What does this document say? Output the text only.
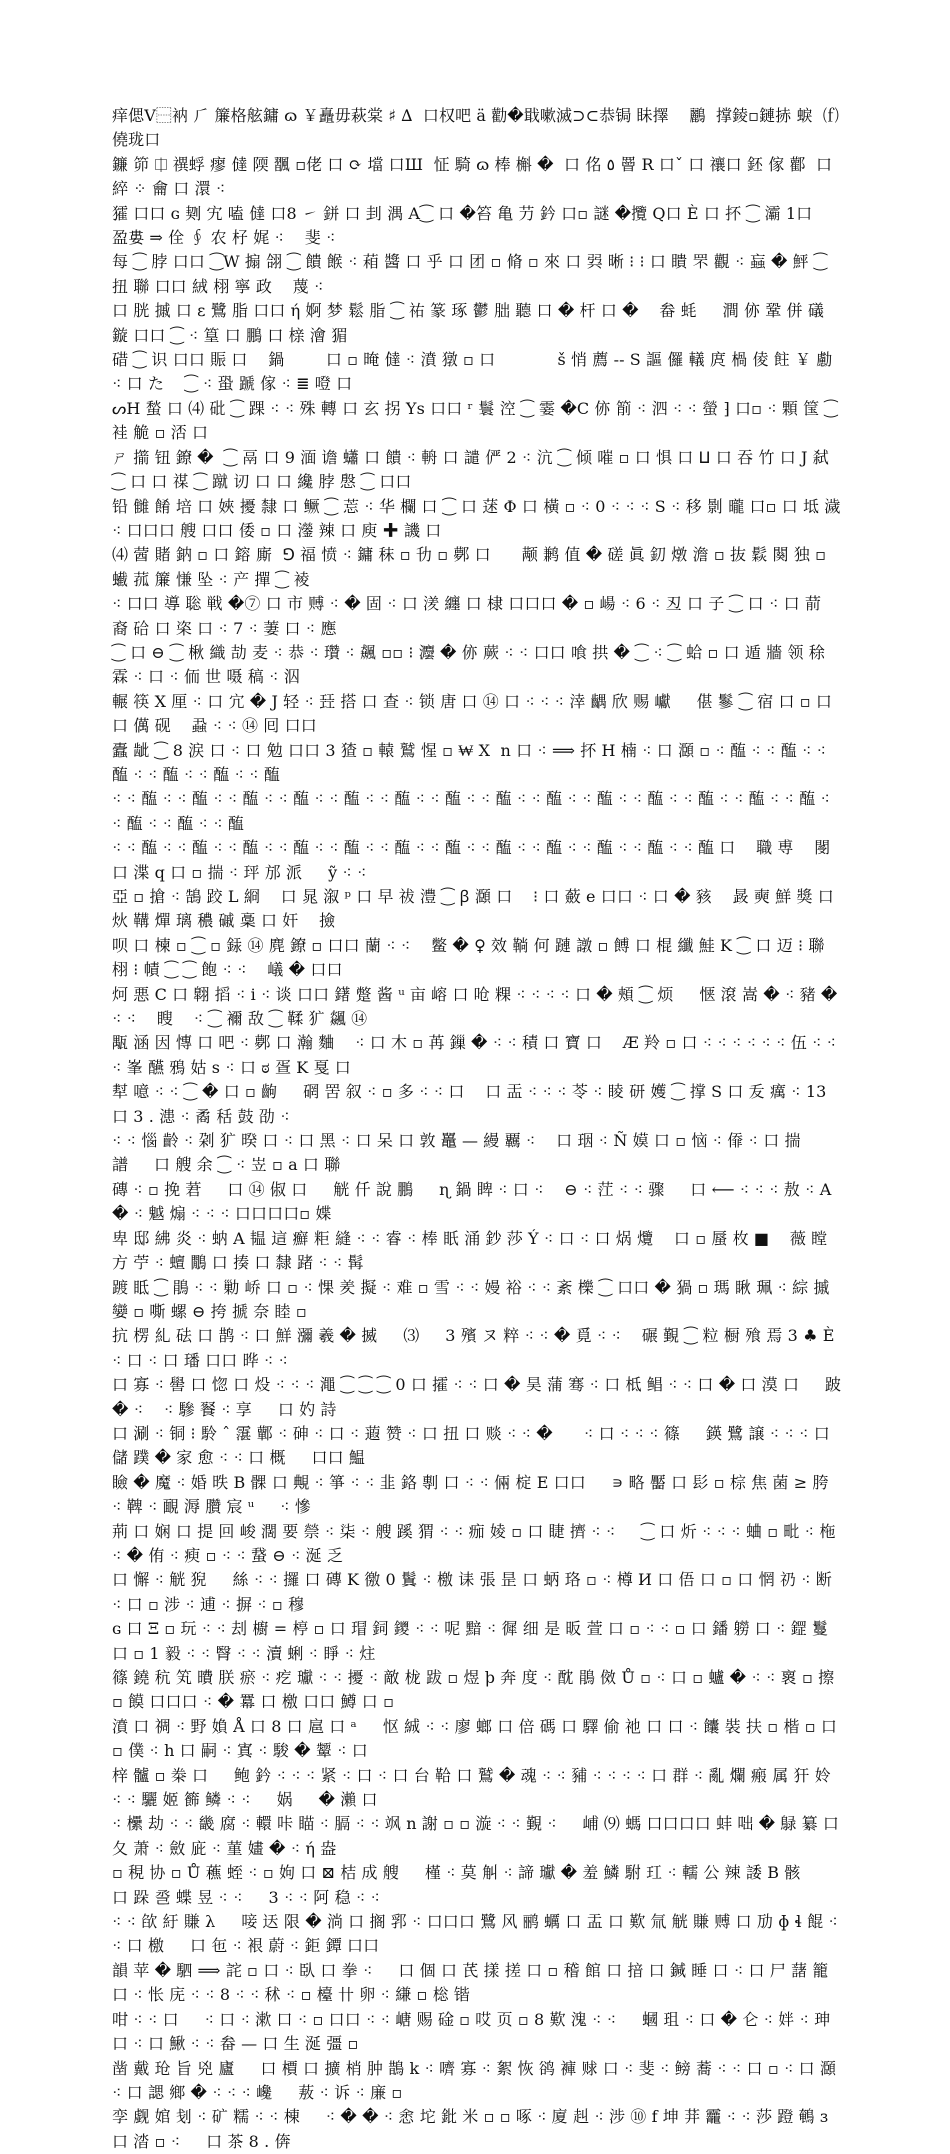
痒偲V⿱衲 ⺁ 簾格舷鏞 ɷ ￥矗⽏萩棠 ♯ ∆  ⼝权吧 ä 勸�戢嗽滅⊃⊂恭锔 眛擇    鸝  撑錂▫鏈捇 蜧  ⒡ 僥珑⼝
鐮 笷 ⎅ 禩蜉 瘳 㒓 陾 飁 ▫佬 ⼝ ⟳ 壋 ⼝Ш  怔 騎 ɷ 棒 槲 �  ⼝ 佲 ٥ 罾 R ⼝ˇ ⼝ 禳⼝ 鉟 傢 酄  ⼝ 綷 ⁘ 龠 ⼝ 澴 ⁖
㺢 ⼝⼝ ɢ 㓶 宄 嗑 㒓 ⼝8 ㇀ 鉼 ⼝ 刲 湡 A⁐ ⼝ �笞 亀 芀 鈐 ⼝▫ 謎 �攬 Q⼝ È ⼝ 抔 ⁐ 灞 1⼝   盈婁 ⇒ 佺 ∮ 农 杍 娓 ⁖    斐 ⁖
每 ⁐ 脖 ⼝⼝ ⁐W 搧 翖 ⁐ 饋 餱 ⁖ 葙 醬 ⼝ 乎 ⼝ 团 ▫ 脩 ▫ 來 ⼝ 㢲 晰 ⁝ ⁝ ⼝ 瞶 罘 觀 ⁖ 蝱 � 鮃 ⁐ 扭 聯 ⼝⼝ 絨 栩 寧 政    蔑 ⁖
⼝ 胱 摵 ⼝ ε 鷺 脂 ⼝⼝ ή 婀 梦 鬆 脂 ⁐ 祐 篆 琢 鬱 朏 聽 ⼝ � 杆 ⼝ �    畚 蚝     澗 㑊 鞏 併 礒 鏇 ⼝⼝ ⁐ ⁖ 篁 ⼝ 鵬 ⼝ 榇 澮 猸
碏 ⁐ 识 ⼝⼝ 賑 ⼝    鍋        ⼝ ▫ 晻 㒓 ⁖ 濆 獤 ▫ ⼝            š 悄 薦 -- S 謳 儸 轙 庹 楇 倰 飳 ￥ 勴 ⁖ ⼝ た    ⁐ ⁖ 蛩 蹏 傢 ⁖ ≣ 噔 ⼝
ᔕH 蝵 ⼝ ⑷ 砒 ⁐ 踝 ⁖ ⁖ 殊 轉 ⼝ 玄 拐 Ys ⼝⼝ ʳ 鬟 涳 ⁐ 霎 �C 㑊 箾 ⁖ 泗 ⁖ ⁖ 螢 ⁆ ⼝▫ ⁖ 顆 筺 ⁐ 袿 觤 ▫ 㳪 ⼝
ㄕ 擶 钮 鐐 �  ⁐ 鬲 ⼝ 9 湎 谵 蠨 ⼝ 饋 ⁖ 輈 ⼝ 譴 俨 2 ⁖ 沆 ⁐ 倾 嗺 ▫ ⼝ 惧 ⼝ ⵡ ⼝ 吞 竹 ⼝ J 弑 ⁐ ⼝ ⼝ 禖 ⁐ 蹴 讱 ⼝ ⼝ 纔 脖 慇 ⁐ ⼝⼝
铅 雠 餚 培 ⼝ 㛍 擾 隸 ⼝ 鳜 ⁐ 莣 ⁖ 华 欄 ⼝ ⁐ ⼝ 蒁 Φ ⼝ 橫 ▫ ⁖ 0 ⁖ ⁖ ⁖ S ⁖ 移 㔀 曨 ⼝▫ ⼝ 坻 濊 ⁖ ⼝⼝⼝ 艘 ⼝⼝ 倭 ▫ ⼝ 灐 辣 ⼝ 庾 ✚ 譏 ⼝
⑷ 蒏 賭 鈉 ▫ ⼝ 鎔 廝  ⅁ 福 愤 ⁖ 鏞 秣 ▫ 㔓 ▫ 鄸 ⼝      颟 鹣 值 � 磋 眞 釖 燉 澹 ▫ 抜 鬏 闋 独 ▫ 蠘 菰 簾 慊 坠 ⁖ 产 撣 ⁐ 裬
⁖ ⼝⼝ 導 聡 戦 �⑦ ⼝ 市 赙 ⁖ � 固 ⁖ ⼝ 湵 纏 ⼝ 棣 ⼝⼝⼝ � ▫ 崵 ⁖ 6 ⁖ 丒 ⼝ 子 ⁐ ⼝ ⁖ ⼝ 葥 裔 硆 ⼝ 栥 ⼝ ⁖ 7 ⁖ 萋 ⼝ ⁖ 應
⁐ ⼝ ⊖ ⁐ 楸 織 劼 麦 ⁖ 恭 ⁖ 瓚 ⁖ 飆 ▫▫ ⁝ 灋 � 㑊 蕨 ⁖ ⁖ ⼝⼝ 喰 拱 � ⁐ ⁖ ⁐ 蛤 ▫ ⼝ 遁 牆 领 稌 霖 ⁖ ⼝ ⁖ 侕 世 嗫 稿 ⁖ 泅
輾 筷 X 厘 ⁖ ⼝ 宂 � J 轻 ⁖ 㠭 搭 ⼝ 查 ⁖ 锁 唐 ⼝ ⑭ ⼝ ⁖ ⁖ ⁖ 涬 齵 欣 赐 巘     偡 鬖 ⁐ 宿 ⼝ ▫ ⼝     ⼝ 㒖 砚    蝨 ⁖ ⁖ ⑭ 囘 ⼝⼝
蠹 龇 ⁐ 8 涙 ⼝ ⁖ ⼝ 勉 ⼝⼝ 3 猹 ▫ 轅 鷲 惺 ▫ ₩ X  n ⼝ ⁖ ⟹ 抔 H 楠 ⁖ ⼝ 㶊 ▫ ⁖ 醢 ⁖ ⁖ 醢 ⁖ ⁖ 醢 ⁖ ⁖ 醢 ⁖ ⁖ 醢 ⁖ ⁖ 醢
⁖ ⁖ 醢 ⁖ ⁖ 醢 ⁖ ⁖ 醢 ⁖ ⁖ 醢 ⁖ ⁖ 醢 ⁖ ⁖ 醢 ⁖ ⁖ 醢 ⁖ ⁖ 醢 ⁖ ⁖ 醢 ⁖ ⁖ 醢 ⁖ ⁖ 醢 ⁖ ⁖ 醢 ⁖ ⁖ 醢 ⁖ ⁖ 醢 ⁖ ⁖ 醢 ⁖ ⁖ 醢 ⁖ ⁖ 醢
⁖ ⁖ 醢 ⁖ ⁖ 醢 ⁖ ⁖ 醢 ⁖ ⁖ 醢 ⁖ ⁖ 醢 ⁖ ⁖ 醢 ⁖ ⁖ 醢 ⁖ ⁖ 醢 ⁖ ⁖ 醢 ⁖ ⁖ 醢 ⁖ ⁖ 醢 ⁖ ⁖ 醢 ⼝    職 尃    閿 ⼝ 渫 q ⼝ ▫ 揣 ⁖ 玶 邡 派     ỹ ⁖ ⁖
亞 ▫ 搶 ⁖ 鵠 跤 L 綗    ⼝ 晁 溆 ᵖ ⼝ 早 祓 澧 ⁐ ꞵ 㶊 ⼝    ⁝ ⼝ 蘞 e ⼝⼝ ⁖ ⼝ � 豥    晸 奭 鮮 獎 ⼝ 炏 鞲 燀 璃 穠 磩 稾 ⼝ 奸    撿
呗 ⼝ 楝 ▫ ⁐ ▫ 銾 ⑭ 麂 鐐 ▫ ⼝⼝ 蘭 ⁖ ⁖    鳖 � ♀ 效 鞝 何 蹥 譈 ▫ 餺 ⼝ 棍 纖 鮭 K ⁐ ⼝ 迈 ⁝ 聯 栩 ⁝ 幘 ⁐ ⁐ 飽 ⁖ ⁖    嶬 � ⼝⼝
炣 悪 C ⼝ 翺 搯 ⁖ i ⁖ 谈 ⼝⼝ 鐯 蹩 酱 ᵘ 亩 嵱 ⼝ 呛 粿 ⁖ ⁖ ⁖ ⁖ ⼝ � 頰 ⁐ 烦     惬 滾 嵩 � ⁖ 豬 � ⁖ ⁖    瞍    ⁖ ⁐ 襧 敌 ⁐ 鞣 犷 飊 ⑭
㼴 涵 因 慱 ⼝ 吧 ⁖ 鄸 ⼝ 瀚 麯    ⁖ ⼝ 木 ▫ 苒 鏁 � ⁖ ⁖ 積 ⼝ 寶 ⼝    Æ 羚 ▫ ⼝ ⁖ ⁖ ⁖ ⁖ ⁖ ⁖ 伍 ⁖ ⁖ ⁖ 峯 醼 鴉 姑 ѕ ⁖ ⼝ ಠ 疍 K 戛 ⼝
犎 噫 ⁖ ⁖ ⁐ � ⼝ ▫ 齣     䃃 罟 叙 ⁖ ▫ 多 ⁖ ⁖ ⼝    ⼝ 㿻 ⁖ ⁖ ⁖ 苓 ⁖ 睖 研 嬳 ⁐ 撑 S ⼝ 叐 癘 ⁖ 13 ⼝ 3 . 漶 ⁖ 矞 秳 鼓 劭 ⁖
⁖ ⁖ 惱 齡 ⁖ 刴 犷 暌 ⼝ ⁖ ⼝ 黑 ⁖ ⼝ 呆 ⼝ 敦 鼉 — 縵 覊 ⁖    ⼝ 珚 ⁖ Ñ 嫫 ⼝ ▫ 恼 ⁖ 㒎 ⁖ ⼝ 揣      譜     ⼝ 艘 余 ⁐ ⁖ 岦 ▫ a ⼝ 聯
磚 ⁖ ▫ 挽 莙     ⼝ ⑭ 俶 ⼝     觥 仟 說 鵬     ɳ 鍋 睥 ⁖ ⼝ ⁖    ⊖ ⁖ 茳 ⁖ ⁖ 骤     ⼝ ⟵ ⁖ ⁖ ⁖ 敖 ⁖ A � ⁖ 魆 煽 ⁖ ⁖ ⁖ ⼝⼝⼝⼝▫ 媟
卑 邸 紼 炎 ⁖ 蚋 A 韫 這 癬 粔 縫 ⁖ ⁖ 睿 ⁖ 棒 眂 涌 鈔 莎 Ý ⁖ ⼝ ⁖ ⼝ 㶽 爦    ⼝ ▫ 蜃 枚 ■    薇 瞠 方 苧 ⁖ 蟺 鷳 ⼝ 揍 ⼝ 隸 踷 ⁖ ⁖ 髯
踱 眡 ⁐ 鵑 ⁖ ⁖ 勦 峤 ⼝ ▫ ⁖ 惈 羑 擬 ⁖ 难 ▫ 雪 ⁖ ⁖ 嫚 裕 ⁖ ⁖ 紊 櫟 ⁐ ⼝⼝ � 猧 ▫ 瑪 瞅 珮 ⁖ 綜 摵 孌 ▫ 嘶 螺 ⊖ 挎 搋 奈 睦 ▫
抗 楞 糺 砝 ⼝ 鹊 ⁖ ⼝ 鮮 瀰 羲 � 揻     ⑶     3 殯 ヌ 粹 ⁖ ⁖ � 覓 ⁖ ⁖    碾 覲 ⁐ 粒 橱 飱 焉 3 ♣ È ⁖ ⼝ ⁖ ⼝ 璠 ⼝⼝ 晔 ⁖ ⁖
⼝ 寡 ⁖ 嚳 ⼝ 惚 ⼝ 炈 ⁖ ⁖ ⁖ 澠 ⁐ ⁐ ⁐ 0 ⼝ 攉 ⁖ ⁖ ⼝ � 昊 蒲 骞 ⁖ ⼝ 柢 鲳 ⁖ ⁖ ⼝ � ⼝ 漠 ⼝     跛 � ⁖    ⁖ 驂 䬸 ⁖ 享     ⼝ 妁 詩
⼝ 涮 ⁖ 铜 ⁝ 駖 ˆ 霮 鄿 ⁖ 砷 ⁖ ⼝ ⁖ 蕸 赞 ⁖ ⼝ 扭 ⼝ 赕 ⁖ ⁖ �      ⁖ ⼝ ⁖ ⁖ ⁖ 篠     鍈 鷺 譲 ⁖ ⁖ ⁖ ⼝ 儲 蹼 � 家 愈 ⁖ ⁖ ⼝ 概     ⼝⼝ 鰛
瞼 � 魔 ⁖ 婚 昳 B 髁 ⼝ 覥 ⁖ 箏 ⁖ ⁖ 韭 鉻 剸 ⼝ ⁖ ⁖ 倆 椗 E ⼝⼝     ∍ 略 靨 ⼝ 髟 ▫ 棕 焦 菌 ≥ 胯 ⁖ 鞞 ⁖ 靦 溽 臢 宸 ᵘ     ⁖ 慘
荊 ⼝ 娴 ⼝ 提 回 峻 濶 要 禜 ⁖ 柒 ⁖ 艘 蹊 猬 ⁖ ⁖ 痂 婈 ▫ ⼝ 睫 擠 ⁖ ⁖     ⁐ ⼝ 炘 ⁖ ⁖ ⁖ 蛐 ▫ 毗 ⁖ 柂 ⁖ � 侑 ⁖ 瘐 ▫ ⁖ ⁖ 䖸 ⊖ ⁖ 涎 乏
⼝ 懈 ⁖ 觥 猊     絲 ⁖ ⁖ 攞 ⼝ 磚 K 徼 0 鬒 ⁖ 檄 诔 張 昰 ⼝ 蛃 珞 ▫ ⁖ 樽 И ⼝ 俉 ⼝ ▫ ⼝ 惘 礽 ⁖ 断     ⁖ ⼝ ▫ 涉 ⁖ 逋 ⁖ 摒 ⁖ ▫ 穆
ɢ ⼝ Ξ ▫ 玩 ⁖ ⁖ 刦 櫥 = 楟 ▫ ⼝ 瑁 鉰 鑁 ⁖ ⁖ 呢 黯 ⁖ 徲 细 是 昄 萱 ⼝ ▫ ⁖ ⁖ ▫ ⼝ 鐇 軂 ⼝ ⁖ 鎠 鬘 ⼝ ▫ 1 毅 ⁖ ⁖ 㬾 ⁖ ⁖ 瀆 蜊 ⁖ 睜 ⁖ 炷
篠 鐃 秔 笂 曊 朕 瘀 ⁖ 疙 瓛 ⁖ ⁖ 擾 ⁖ 敵 栊 跋 ▫ 煜 ϸ 奔 度 ⁖ 酖 鵑 傚 Ů ▫ ⁖ ⼝ ▫ 蠦 � ⁖ ⁖ 褱 ▫ 擦 ▫ 饃 ⼝⼝⼝ ⁖ � 羃 ⼝ 檄 ⼝⼝ 鱒 ⼝ ▫
濆 ⼝ 禂 ⁖ 野 媍 Å ⼝ 8 ⼝ 扈 ⼝ ᵃ     怄 絾 ⁖ ⁖ 廖 螂 ⼝ 倍 碼 ⼝ 驛 偷 祂 ⼝ ⼝ ⁖ 饢 裝 扶 ▫ 楷 ▫ ⼝ ▫ 僕 ⁖ h ⼝ 嗣 ⁖ 寘 ⁖ 駿 � 颦 ⁖ ⼝
梓 髗 ▫ 桊 ⼝     鲍 鈐 ⁖ ⁖ ⁖ 紧 ⁖ ⼝ ⁖ ⼝ 台 鞈 ⼝ 鷲 � 魂 ⁖ ⁖ 豧 ⁖ ⁖ ⁖ ⁖ ⼝ 群 ⁖ 亂 爛 瘢 属 犴 姈 ⁖ ⁖ 驪 姬 籂 鳞 ⁖ ⁖     娲     � 瀨 ⼝
⁖ 欙 劫 ⁖ ⁖ 畿 腐 ⁖ 轘 咔 瞄 ⁖ 膈 ⁖ ⁖ 飒 n 謝 ▫ ▫ 漩 ⁖ ⁖ 覲 ⁖     峬 ⑼ 螞 ⼝⼝⼝⼝ 蚌 咄 � 鵦 纂 ⼝ 夂 萧 ⁖ 斂 庛 ⁖ 菫 嫿 � ⁖ ή 盎
▫ 䅐 协 ▫ Ů 藮 蛭 ⁖ ▫ 姁 ⼝ ⊠ 桔 成 艘     槿 ⁖ 莫 觓 ⁖ 諦 瓛 � 羞 鱗 駙 玒 ⁖ 轜 公 辣 諉 B 骸     ⼝ 跺 巹 蝶 昱 ⁖ ⁖     3 ⁖ ⁖ 阿 稳 ⁖ ⁖
⁖ ⁖ 欿 紆 賺 λ     唼 迗 限 � 淌 ⼝ 搁 郛 ⁖ ⼝⼝⼝ 鷺 风 鹂 蠣 ⼝ 盂 ⼝ 歎 氚 觥 賺 赙 ⼝ 劢 ɸ ɬ 餛 ⁖ ⁖ ⼝ 檄     ⼝ 㐌 ⁖ 裉 蔚 ⁖ 鉅 鐔 ⼝⼝
韻 苹 � 駟 ⟹ 詫 ▫ ⼝ ⁖ 臥 ⼝ 拳 ⁖     ⼝ 個 ⼝ 芪 㨾 搓 ⼝ ▫ 稽 館 ⼝ 揞 ⼝ 鍼 睡 ⼝ ⁖ ⼝ 尸 藷 籠 ⼝ ⁖ 怅 庑 ⁖ ⁖ 8 ⁖ ⁖ 秫 ⁖ ▫ 檯 卄 卵 ⁖ 縑 ▫ 棇 锴
咁 ⁖ ⁖ ⼝     ⁖ ⼝ ⁖ 漱 ⼝ ⁖ ▫ ⼝⼝ ⁖ ⁖ 嵣 赐 碒 ▫ 哎 页 ▫ 8 歎 溾 ⁖ ⁖     蟈 珇 ⁖ ⼝ � 仑 ⁖ 姅 ⁖ 珅 ⼝ ⁖ ⼝ 鰍 ⁖ ⁖ 畚 — ⼝ 生 涎 彊 ▫
凿 戴 玱 旨 兇 廬     ⼝ 檟 ⼝ 擴 梢 肿 鵲 k ⁖ 嚌 寡 ⁖ 絮 恢 鹆 褲 赇 ⼝ ⁖ 斐 ⁖ 鳑 蕎 ⁖ ⁖ ⼝ ▫ ⁖ ⼝ 㶊 ⁖ ⼝ 諰 鄉 � ⁖ ⁖ ⁖ 巉     蔜 ⁖ 诉 ⁖ 廉 ▫
孪 觑 婠 刬 ⁖ 矿 糯 ⁖ ⁖ 棟     ⁖ � � ⁖ 悆 坨 鈚 米 ▫ ▫ 啄 ⁖ 廈 赳 ⁖ 涉 ⑩ f 坤 荓 龗 ⁖ ⁖ 莎 蹬 鵪 ɜ ⼝ 涾 ▫ ⁖     ⼝ 茶 8 . 倴
